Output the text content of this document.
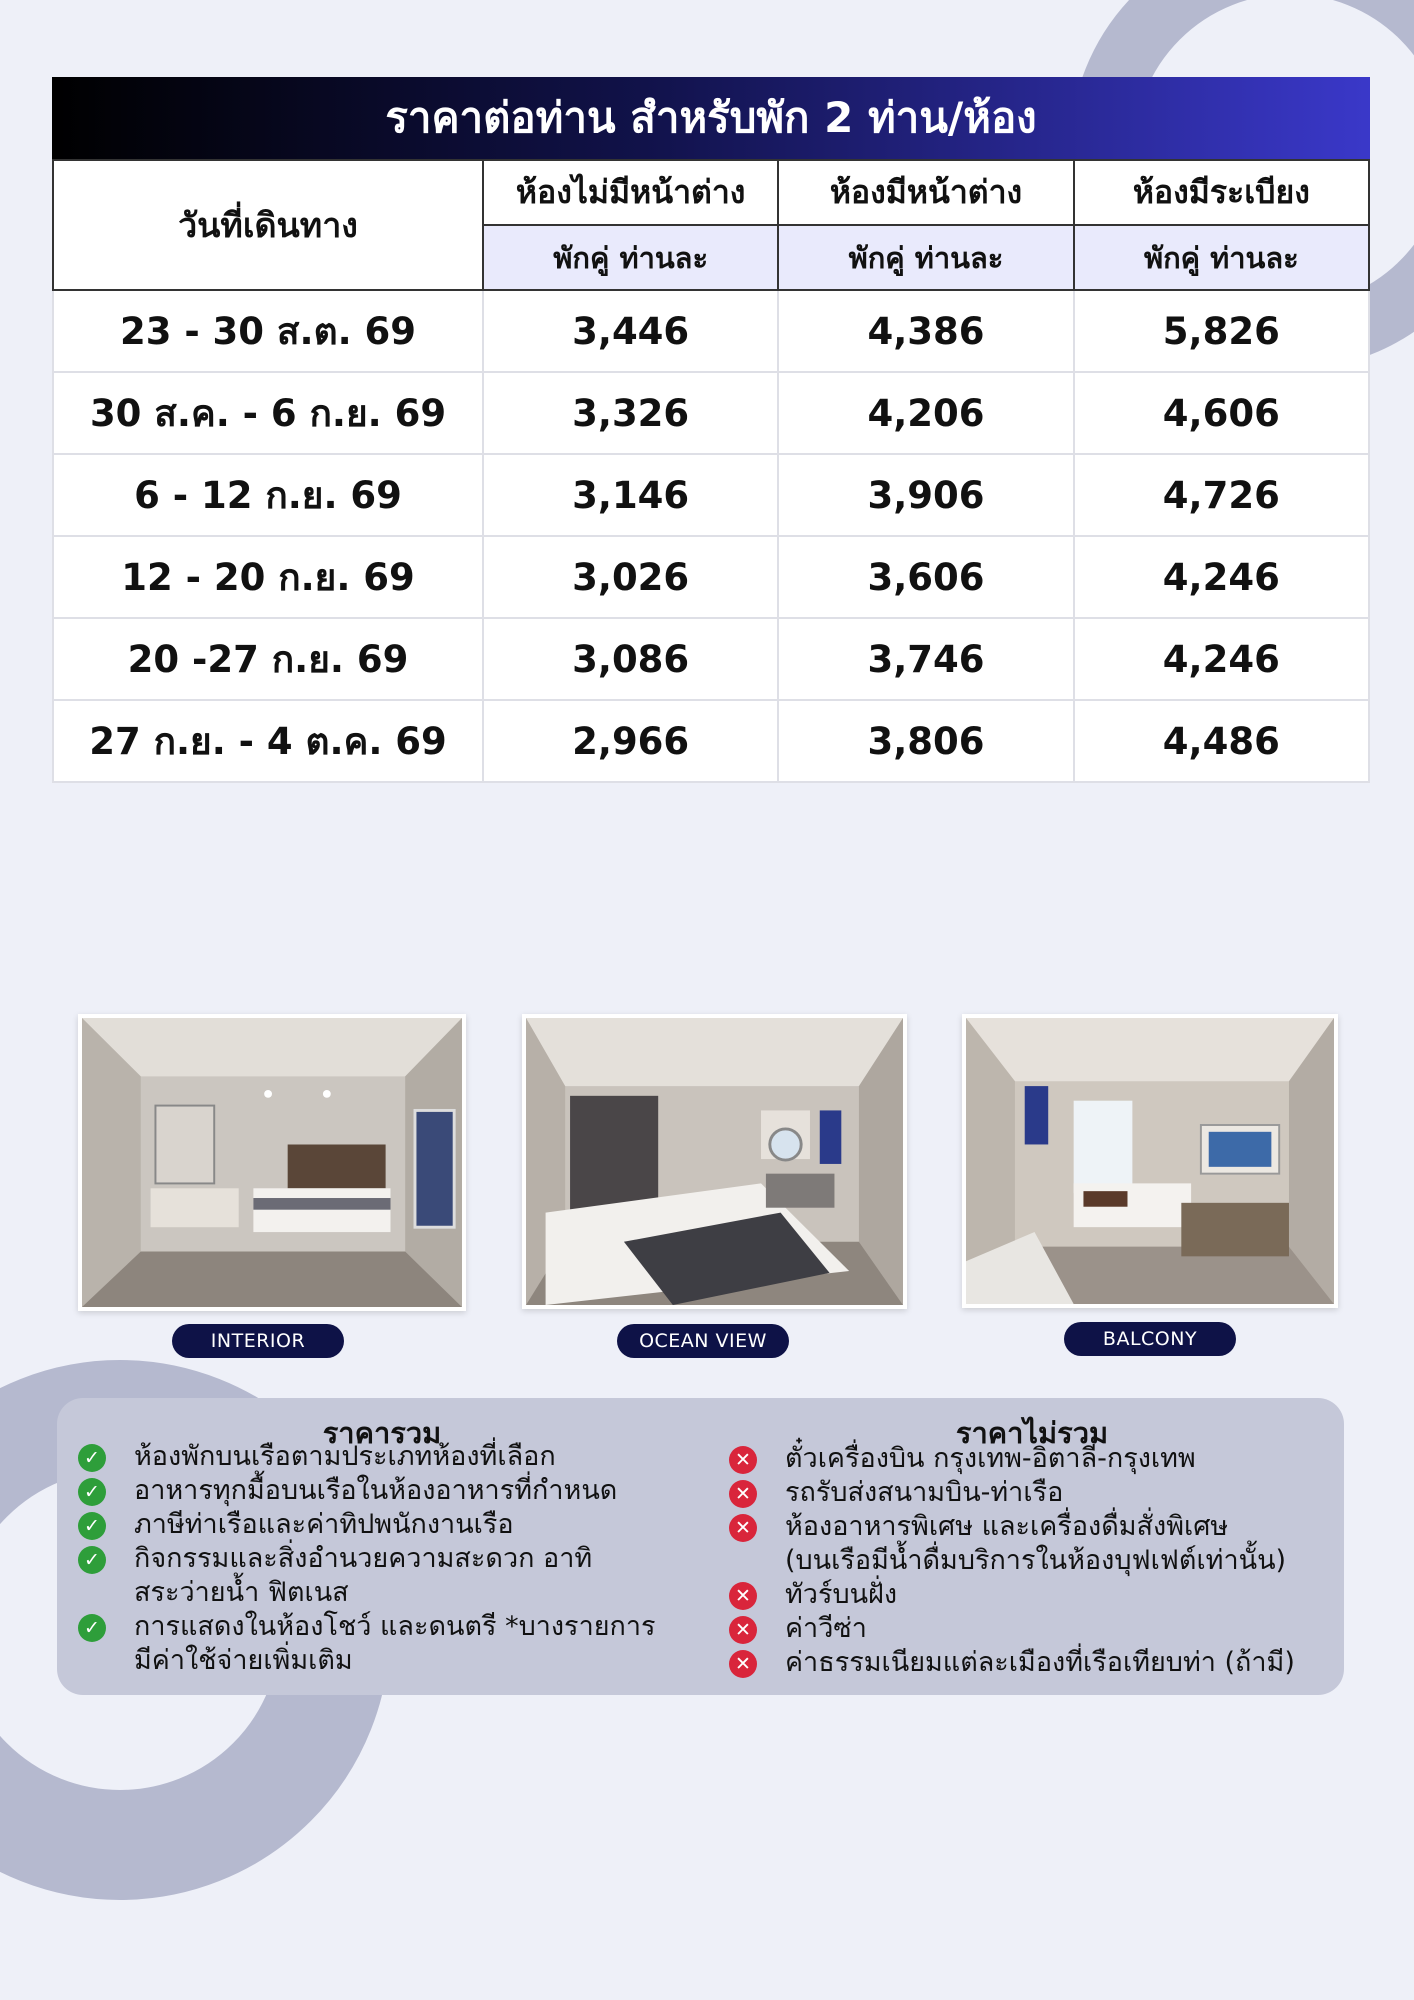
ราคาต่อท่าน สำหรับพัก 2 ท่าน/ห้อง
วันที่เดินทาง	ห้องไม่มีหน้าต่าง	ห้องมีหน้าต่าง	ห้องมีระเบียง
	พักคู่ ท่านละ	พักคู่ ท่านละ	พักคู่ ท่านละ
23 - 30 ส.ต. 69	3,446	4,386	5,826
30 ส.ค. - 6 ก.ย. 69	3,326	4,206	4,606
6 - 12 ก.ย. 69	3,146	3,906	4,726
12 - 20 ก.ย. 69	3,026	3,606	4,246
20 -27 ก.ย. 69	3,086	3,746	4,246
27 ก.ย. - 4 ต.ค. 69	2,966	3,806	4,486
INTERIOR	OCEAN VIEW	BALCONY
ราคารวม
✓ ห้องพักบนเรือตามประเภทห้องที่เลือก
✓ อาหารทุกมื้อบนเรือในห้องอาหารที่กำหนด
✓ ภาษีท่าเรือและค่าทิปพนักงานเรือ
✓ กิจกรรมและสิ่งอำนวยความสะดวก อาทิ
สระว่ายน้ำ ฟิตเนส
✓ การแสดงในห้องโชว์ และดนตรี *บางรายการ
มีค่าใช้จ่ายเพิ่มเติม
ราคาไม่รวม
✕ ตั๋วเครื่องบิน กรุงเทพ-อิตาลี-กรุงเทพ
✕ รถรับส่งสนามบิน-ท่าเรือ
✕ ห้องอาหารพิเศษ และเครื่องดื่มสั่งพิเศษ
(บนเรือมีน้ำดื่มบริการในห้องบุฟเฟต์เท่านั้น)
✕ ทัวร์บนฝั่ง
✕ ค่าวีซ่า
✕ ค่าธรรมเนียมแต่ละเมืองที่เรือเทียบท่า (ถ้ามี)
